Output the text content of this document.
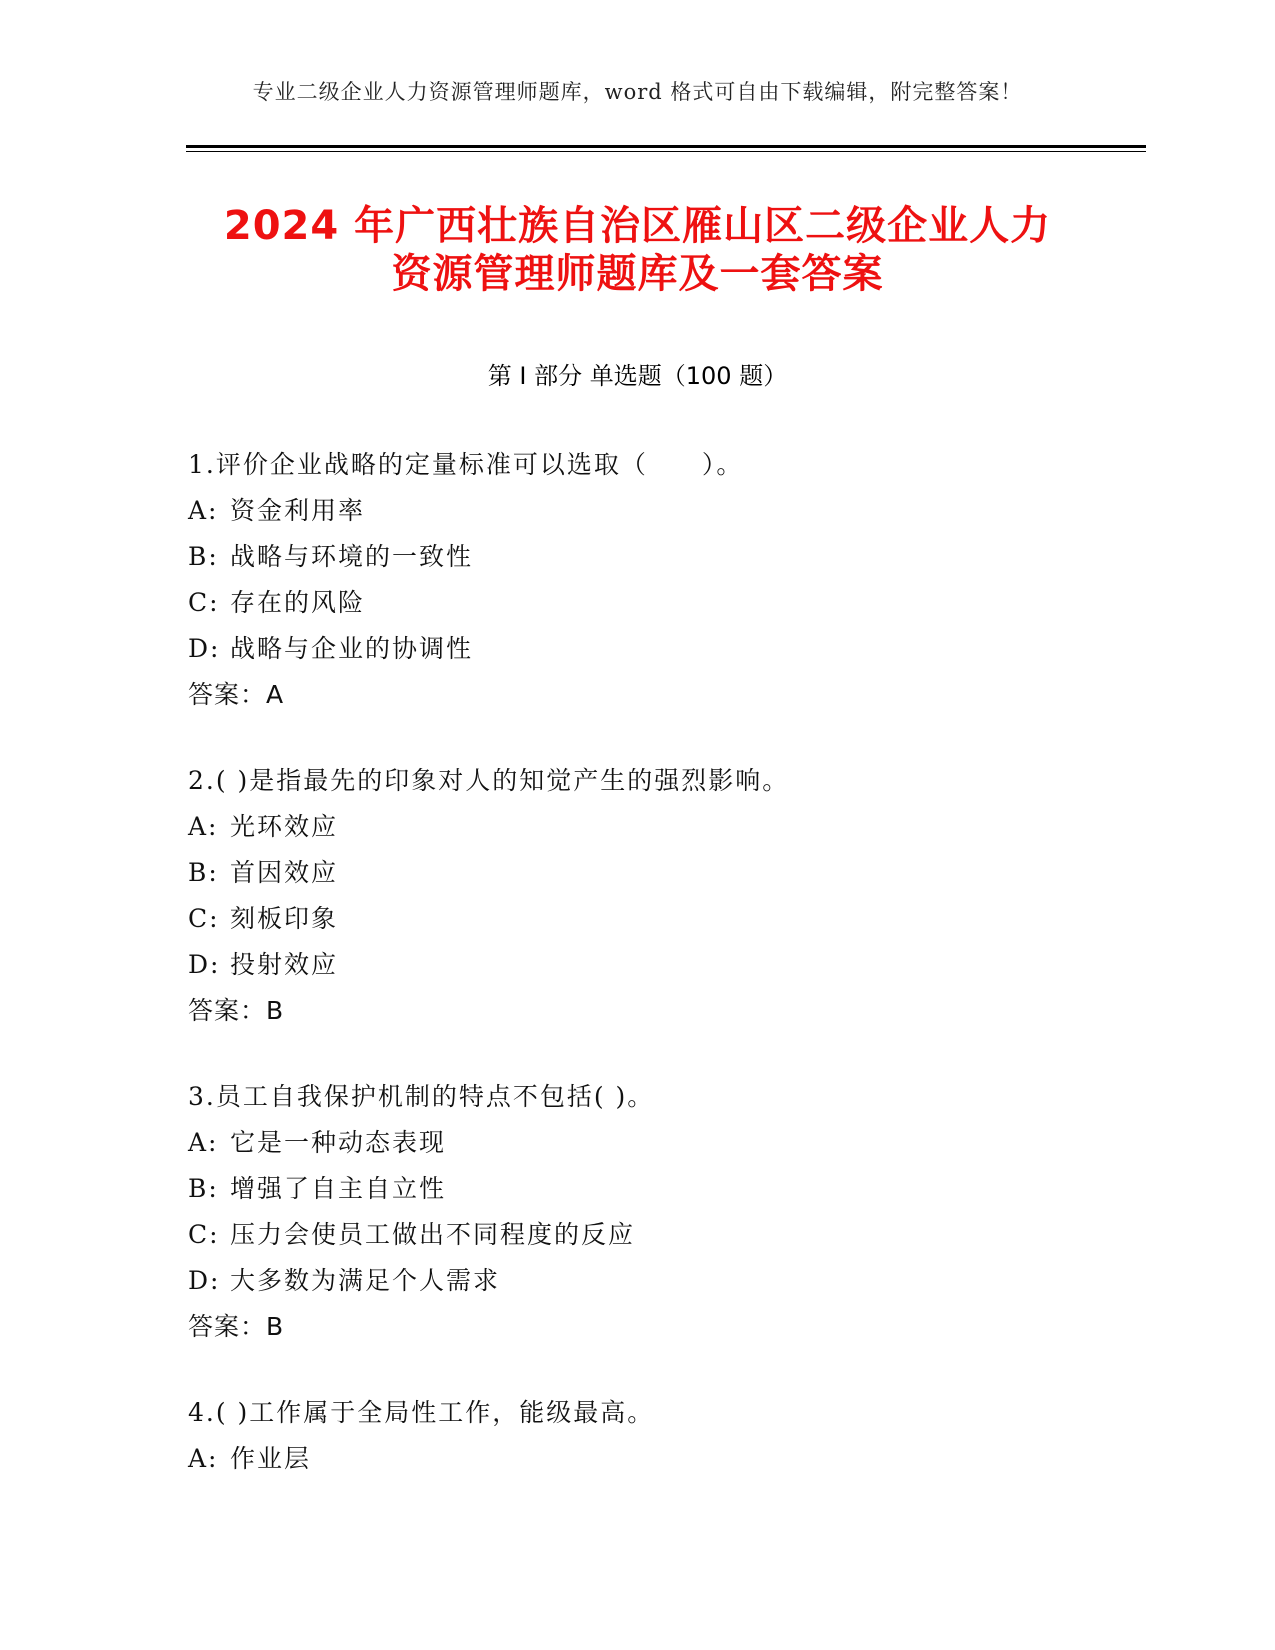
专业二级企业人力资源管理师题库，word 格式可自由下载编辑，附完整答案！
2024 年广西壮族自治区雁山区二级企业人力
资源管理师题库及一套答案
第 I 部分 单选题（100 题）
1.评价企业战略的定量标准可以选取（　　）。
A: 资金利用率
B: 战略与环境的一致性
C: 存在的风险
D: 战略与企业的协调性
答案：A
2.( )是指最先的印象对人的知觉产生的强烈影响。
A: 光环效应
B: 首因效应
C: 刻板印象
D: 投射效应
答案：B
3.员工自我保护机制的特点不包括( )。
A: 它是一种动态表现
B: 增强了自主自立性
C: 压力会使员工做出不同程度的反应
D: 大多数为满足个人需求
答案：B
4.( )工作属于全局性工作，能级最高。
A: 作业层
